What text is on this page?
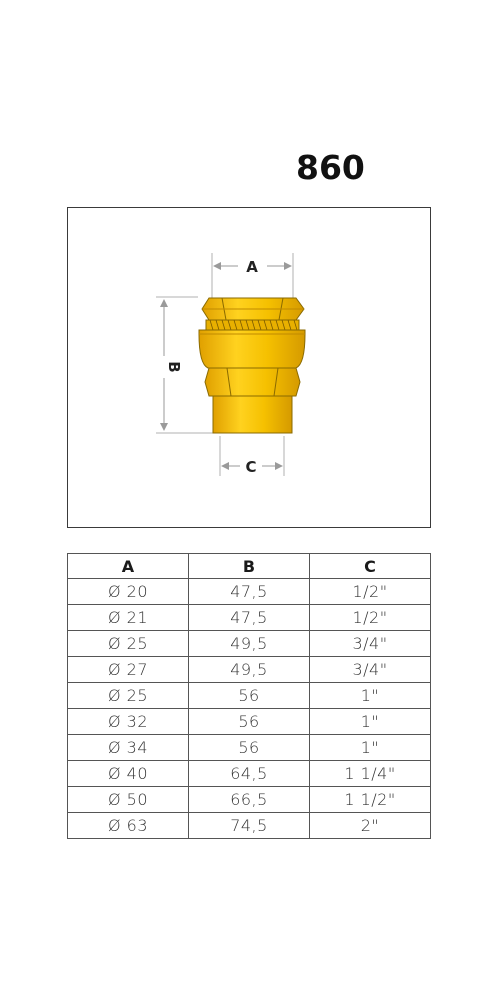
860
A
B
C
A	B	C
Ø 20	47,5	1/2"
Ø 21	47,5	1/2"
Ø 25	49,5	3/4"
Ø 27	49,5	3/4"
Ø 25	56	1"
Ø 32	56	1"
Ø 34	56	1"
Ø 40	64,5	1 1/4"
Ø 50	66,5	1 1/2"
Ø 63	74,5	2"
